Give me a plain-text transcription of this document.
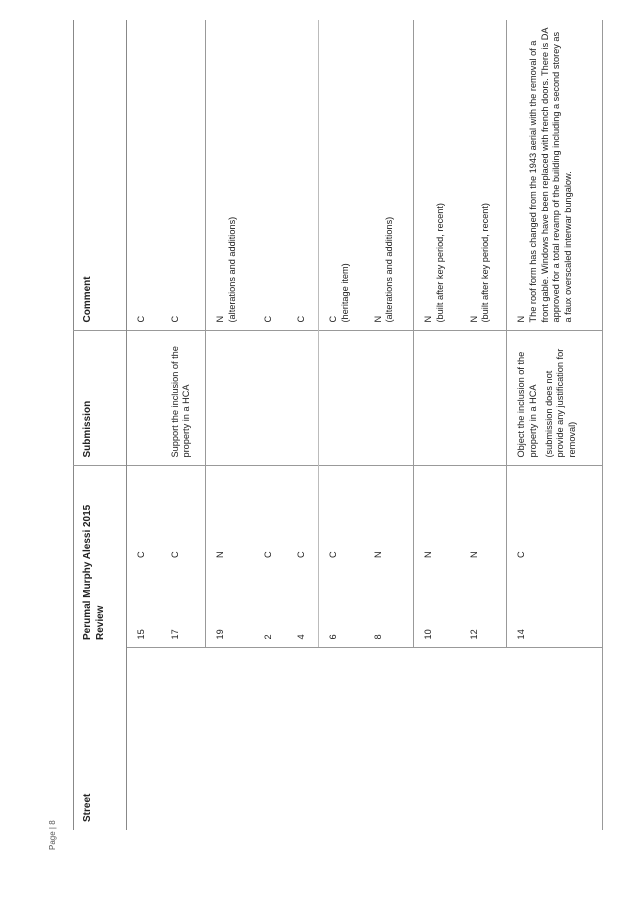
Street	Perumal Murphy Alessi 2015 Review		Submission	Comment
	15	C		C

	17	C	Support the inclusion of the property in a HCA	C

	19	N		N (alterations and additions)

	2	C		C

	4	C		C

	6	C		C (heritage item)

	8	N		N (alterations and additions)

	10	N		N (built after key period, recent)

	12	N		N (built after key period, recent)

	14	C	Object the inclusion of the property in a HCA (submission does not provide any justification for removal)	N The roof form has changed from the 1943 aerial with the removal of a front gable. Windows have been replaced with french doors. There is DA approved for a total revamp of the building including a second storey as a faux overscaled interwar bungalow.
Page | 8
